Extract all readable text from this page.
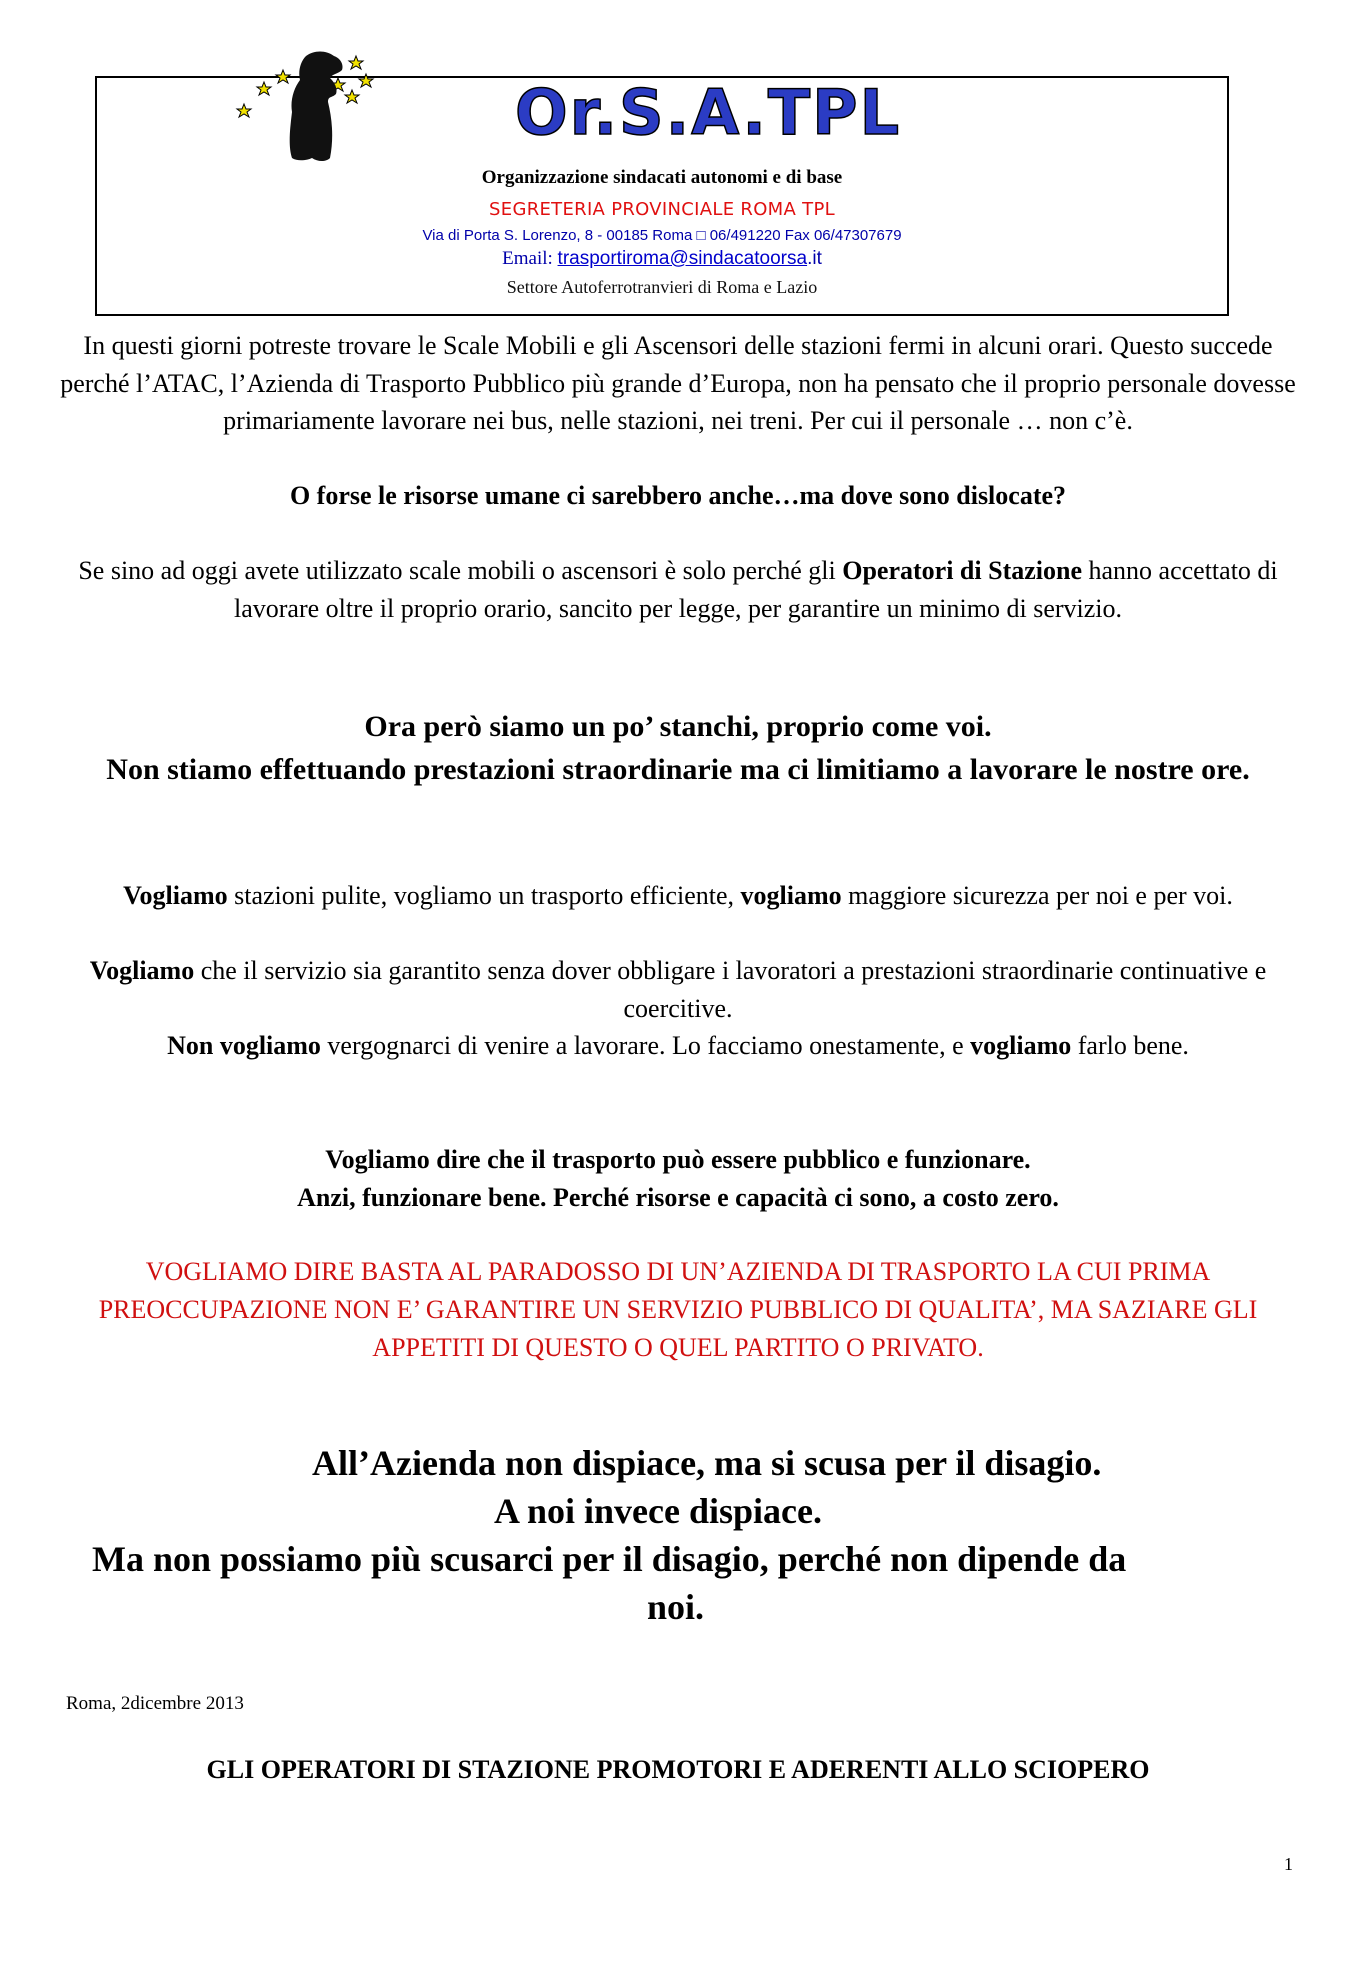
Or.S.A.TPL
Organizzazione sindacati autonomi e di base
SEGRETERIA PROVINCIALE ROMA TPL
Via di Porta S. Lorenzo, 8 - 00185 Roma □ 06/491220 Fax 06/47307679
Email: trasportiroma@sindacatoorsa.it
Settore Autoferrotranvieri di Roma e Lazio
In questi giorni potreste trovare le Scale Mobili e gli Ascensori delle stazioni fermi in alcuni orari. Questo succede perché l’ATAC, l’Azienda di Trasporto Pubblico più grande d’Europa, non ha pensato che il proprio personale dovesse primariamente lavorare nei bus, nelle stazioni, nei treni. Per cui il personale … non c’è.
O forse le risorse umane ci sarebbero anche…ma dove sono dislocate?
Se sino ad oggi avete utilizzato scale mobili o ascensori è solo perché gli Operatori di Stazione hanno accettato di lavorare oltre il proprio orario, sancito per legge, per garantire un minimo di servizio.
Ora però siamo un po’ stanchi, proprio come voi.
Non stiamo effettuando prestazioni straordinarie ma ci limitiamo a lavorare le nostre ore.
Vogliamo stazioni pulite, vogliamo un trasporto efficiente, vogliamo maggiore sicurezza per noi e per voi.
Vogliamo che il servizio sia garantito senza dover obbligare i lavoratori a prestazioni straordinarie continuative e coercitive.
Non vogliamo vergognarci di venire a lavorare. Lo facciamo onestamente, e vogliamo farlo bene.
Vogliamo dire che il trasporto può essere pubblico e funzionare.
Anzi, funzionare bene. Perché risorse e capacità ci sono, a costo zero.
VOGLIAMO DIRE BASTA AL PARADOSSO DI UN’AZIENDA DI TRASPORTO LA CUI PRIMA PREOCCUPAZIONE NON E’ GARANTIRE UN SERVIZIO PUBBLICO DI QUALITA’, MA SAZIARE GLI APPETITI DI QUESTO O QUEL PARTITO O PRIVATO.
All’Azienda non dispiace, ma si scusa per il disagio.
A noi invece dispiace.
Ma non possiamo più scusarci per il disagio, perché non dipende da
noi.
Roma, 2dicembre 2013
GLI OPERATORI DI STAZIONE PROMOTORI E ADERENTI ALLO SCIOPERO
1
